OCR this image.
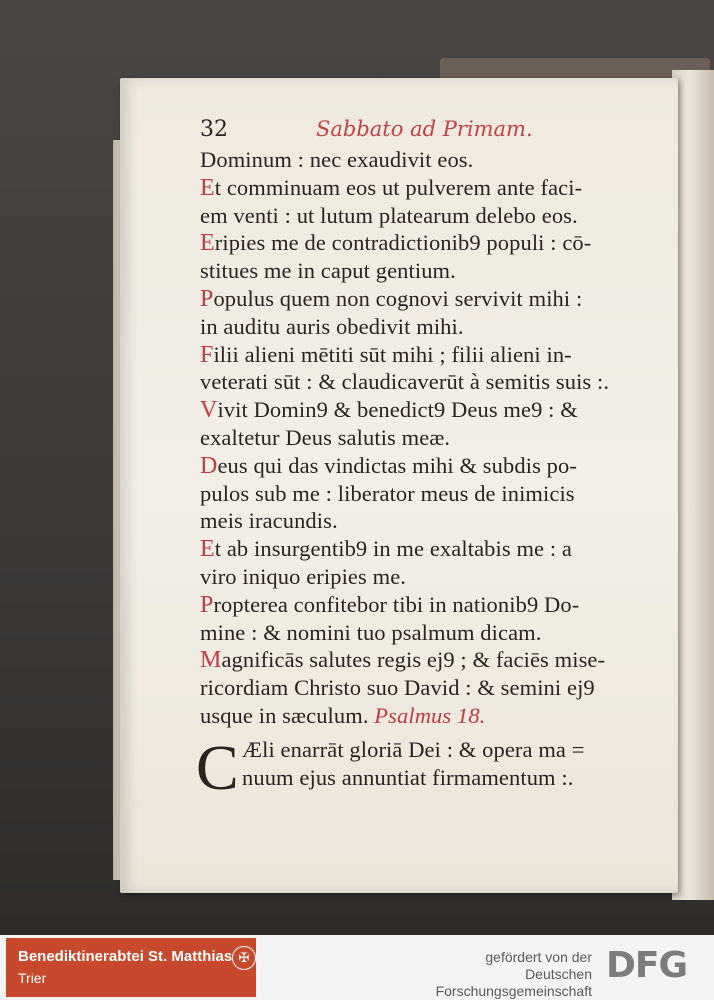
32	Sabbato ad Primam.
Dominum : nec exaudivit eos.
Et comminuam eos ut pulverem ante faci-
em venti : ut lutum platearum delebo eos.
Eripies me de contradictionib9 populi : cō-
stitues me in caput gentium.
Populus quem non cognovi servivit mihi :
in auditu auris obedivit mihi.
Filii alieni mētiti sūt mihi ; filii alieni in-
veterati sūt : & claudicaverūt à semitis suis :.
Vivit Domin9 & benedict9 Deus me9 : &
exaltetur Deus salutis meæ.
Deus qui das vindictas mihi & subdis po-
pulos sub me : liberator meus de inimicis
meis iracundis.
Et ab insurgentib9 in me exaltabis me : a
viro iniquo eripies me.
Propterea confitebor tibi in nationib9 Do-
mine : & nomini tuo psalmum dicam.
Magnificās salutes regis ej9 ; & faciēs mise-
ricordiam Christo suo David : & semini ej9
usque in sæculum. Psalmus 18.
C Æli enarrāt gloriā Dei : & opera ma =
nuum ejus annuntiat firmamentum :.
Benediktinerabtei St. Matthias
Trier
✠	gefördert von der
Deutschen Forschungsgemeinschaft
DFG
